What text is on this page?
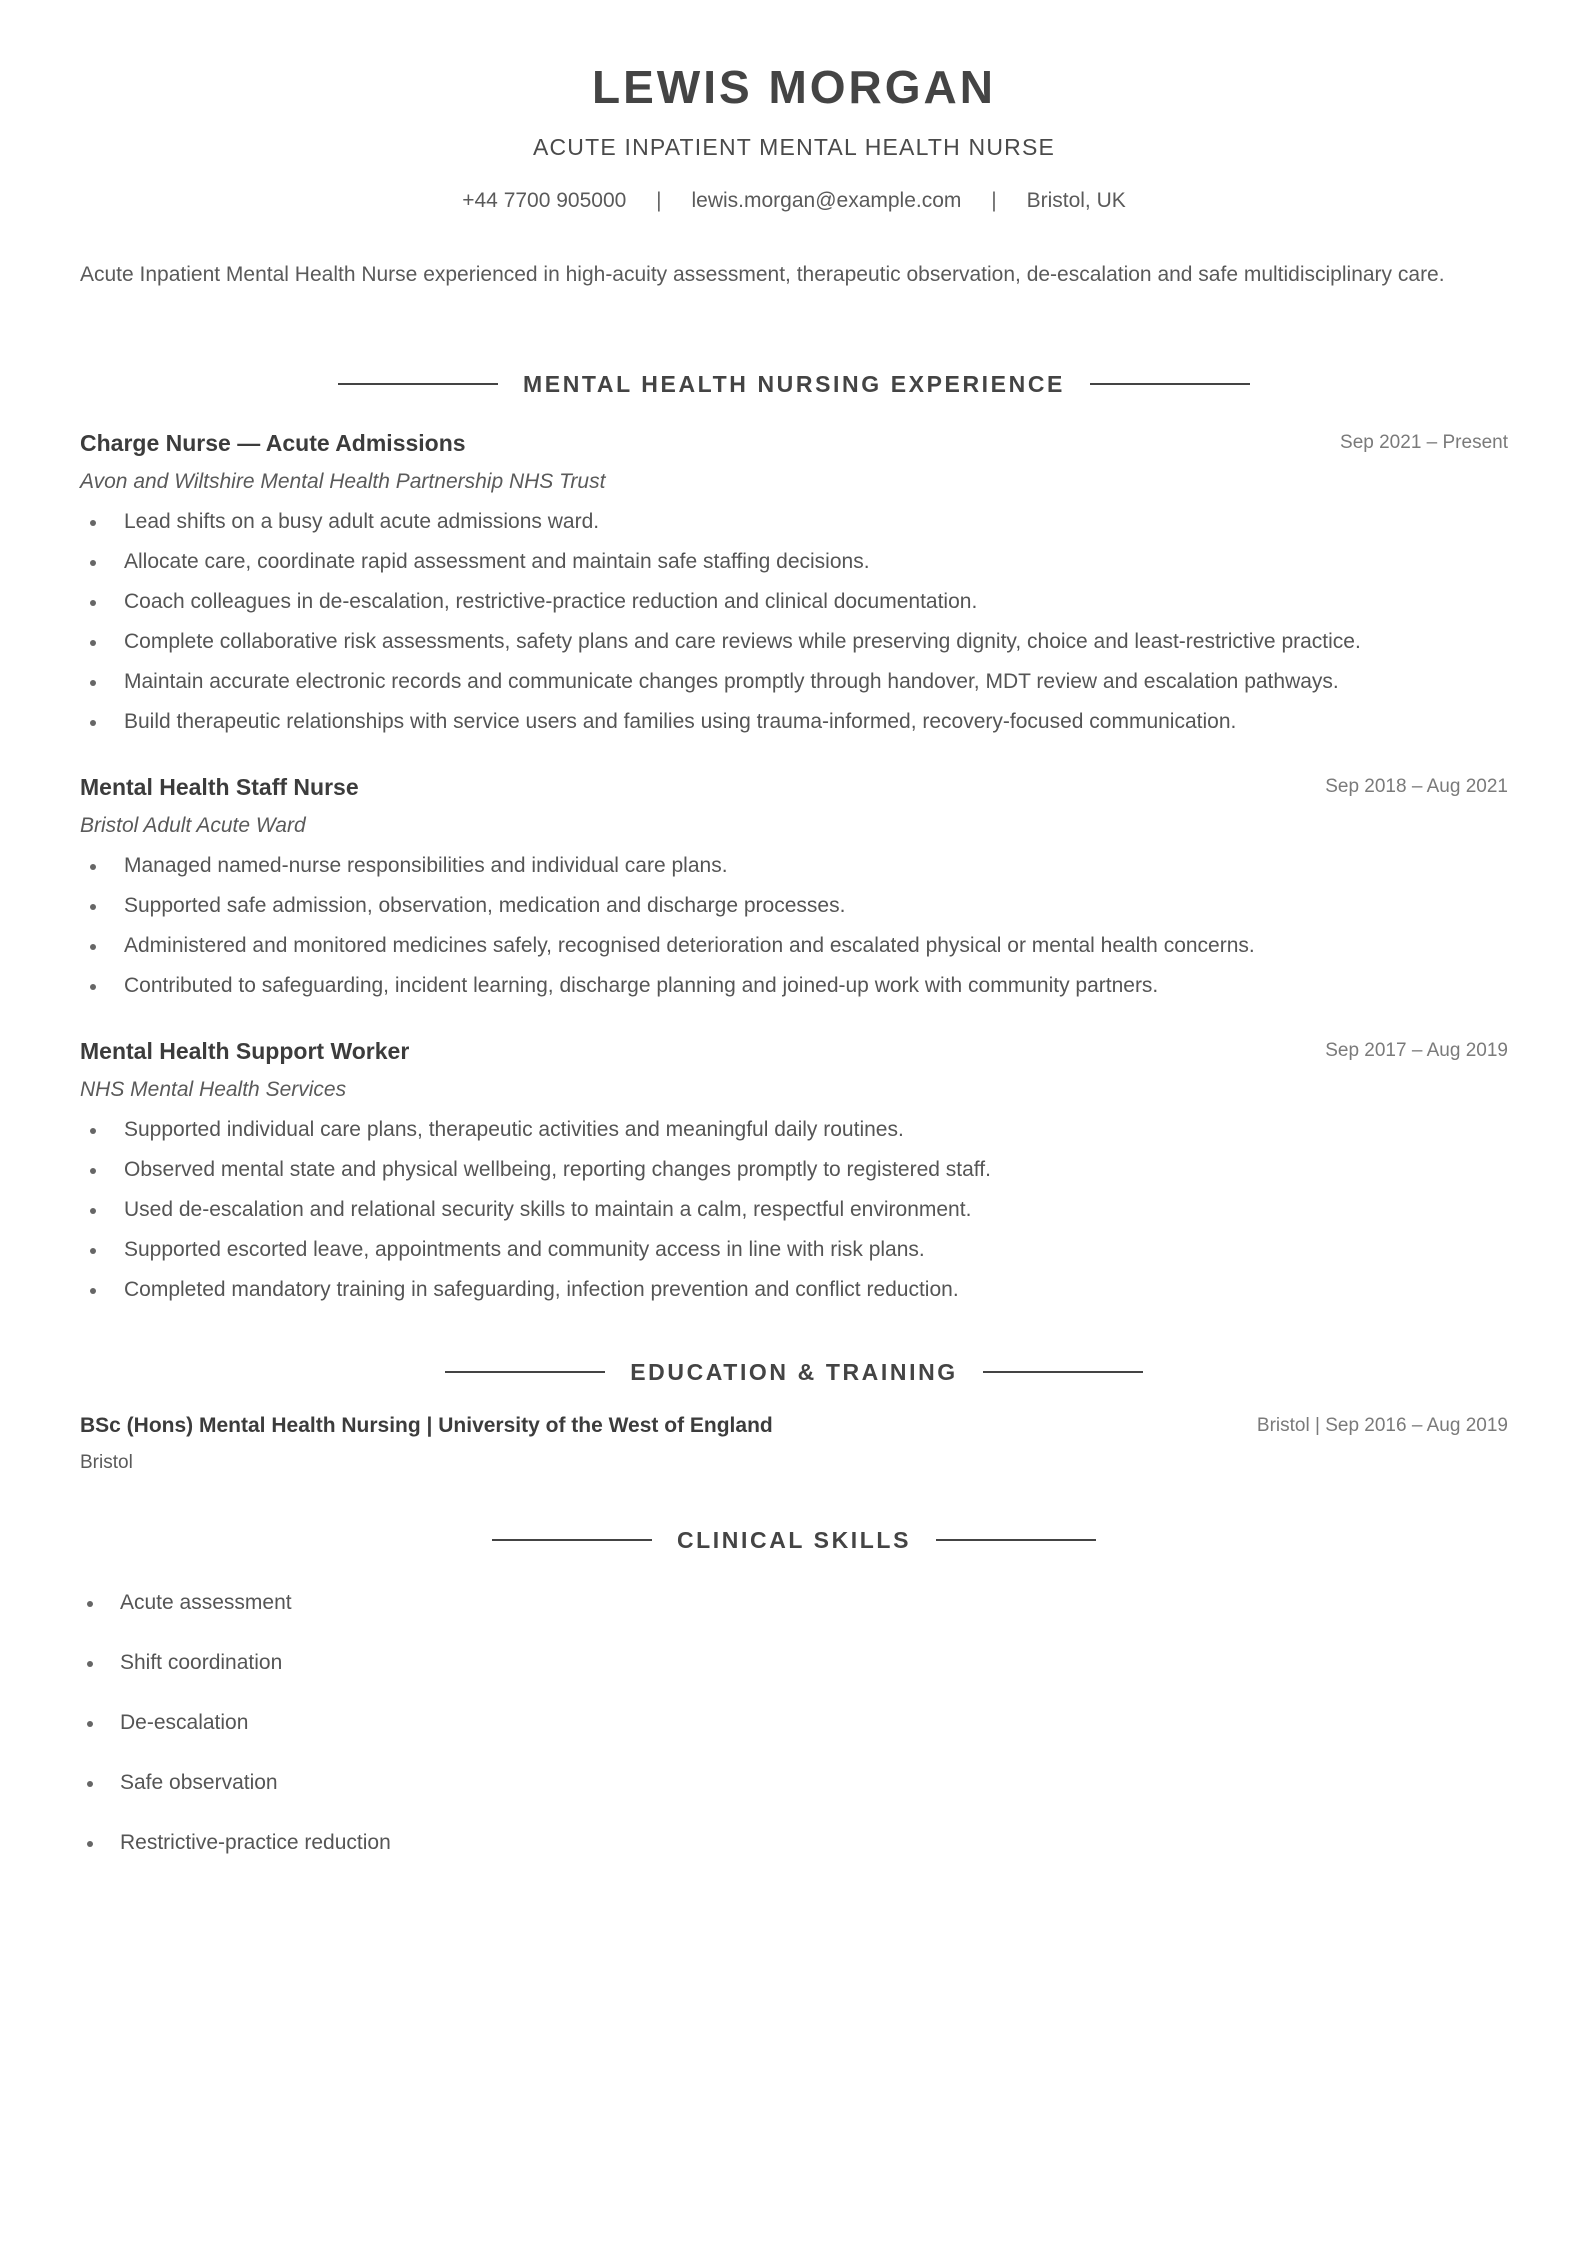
LEWIS MORGAN
ACUTE INPATIENT MENTAL HEALTH NURSE
+44 7700 905000 | lewis.morgan@example.com | Bristol, UK
Acute Inpatient Mental Health Nurse experienced in high-acuity assessment, therapeutic observation, de-escalation and safe multidisciplinary care.
MENTAL HEALTH NURSING EXPERIENCE
Charge Nurse — Acute Admissions	Sep 2021 – Present
Avon and Wiltshire Mental Health Partnership NHS Trust
Lead shifts on a busy adult acute admissions ward.
Allocate care, coordinate rapid assessment and maintain safe staffing decisions.
Coach colleagues in de-escalation, restrictive-practice reduction and clinical documentation.
Complete collaborative risk assessments, safety plans and care reviews while preserving dignity, choice and least-restrictive practice.
Maintain accurate electronic records and communicate changes promptly through handover, MDT review and escalation pathways.
Build therapeutic relationships with service users and families using trauma-informed, recovery-focused communication.
Mental Health Staff Nurse	Sep 2018 – Aug 2021
Bristol Adult Acute Ward
Managed named-nurse responsibilities and individual care plans.
Supported safe admission, observation, medication and discharge processes.
Administered and monitored medicines safely, recognised deterioration and escalated physical or mental health concerns.
Contributed to safeguarding, incident learning, discharge planning and joined-up work with community partners.
Mental Health Support Worker	Sep 2017 – Aug 2019
NHS Mental Health Services
Supported individual care plans, therapeutic activities and meaningful daily routines.
Observed mental state and physical wellbeing, reporting changes promptly to registered staff.
Used de-escalation and relational security skills to maintain a calm, respectful environment.
Supported escorted leave, appointments and community access in line with risk plans.
Completed mandatory training in safeguarding, infection prevention and conflict reduction.
EDUCATION & TRAINING
BSc (Hons) Mental Health Nursing | University of the West of England	Bristol | Sep 2016 – Aug 2019
Bristol
CLINICAL SKILLS
Acute assessment
Shift coordination
De-escalation
Safe observation
Restrictive-practice reduction
